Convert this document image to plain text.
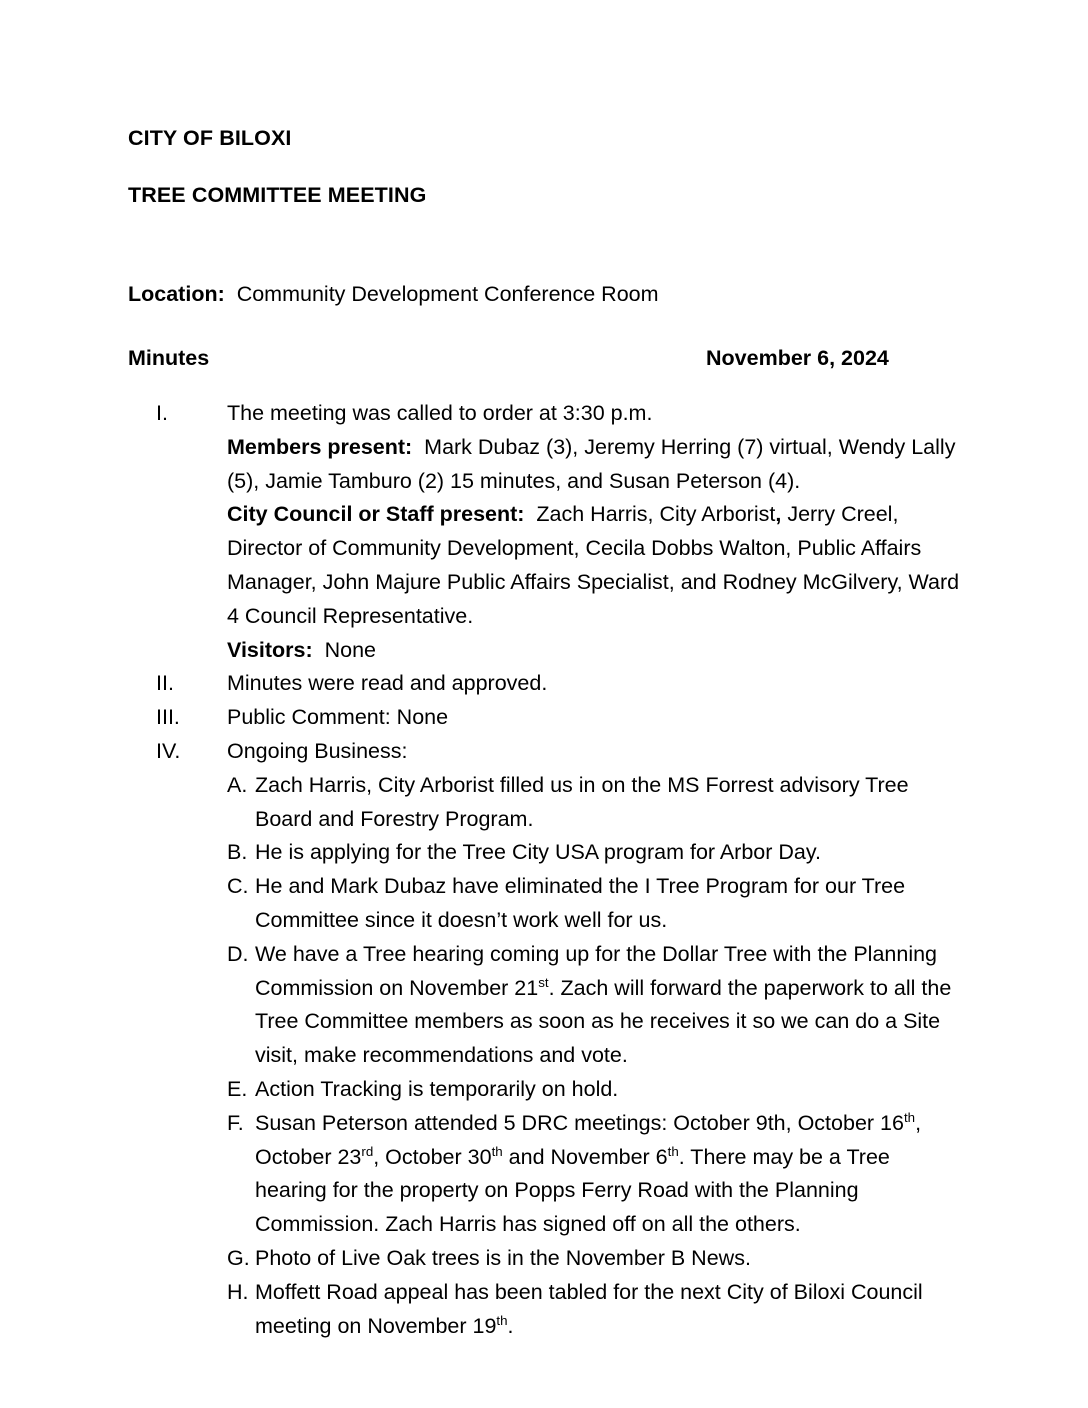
CITY OF BILOXI
TREE COMMITTEE MEETING
Location: Community Development Conference Room
Minutes	November 6, 2024
I.	The meeting was called to order at 3:30 p.m.

Members present: Mark Dubaz (3), Jeremy Herring (7) virtual, Wendy Lally (5), Jamie Tamburo (2) 15 minutes, and Susan Peterson (4).

City Council or Staff present: Zach Harris, City Arborist, Jerry Creel, Director of Community Development, Cecila Dobbs Walton, Public Affairs Manager, John Majure Public Affairs Specialist, and Rodney McGilvery, Ward 4 Council Representative.

Visitors: None

II.	Minutes were read and approved.
III.	Public Comment: None
IV.	Ongoing Business:

A. Zach Harris, City Arborist filled us in on the MS Forrest advisory Tree Board and Forestry Program.
B. He is applying for the Tree City USA program for Arbor Day.
C. He and Mark Dubaz have eliminated the I Tree Program for our Tree Committee since it doesn’t work well for us.
D. We have a Tree hearing coming up for the Dollar Tree with the Planning Commission on November 21st. Zach will forward the paperwork to all the Tree Committee members as soon as he receives it so we can do a Site visit, make recommendations and vote.
E. Action Tracking is temporarily on hold.
F. Susan Peterson attended 5 DRC meetings: October 9th, October 16th, October 23rd, October 30th and November 6th. There may be a Tree hearing for the property on Popps Ferry Road with the Planning Commission. Zach Harris has signed off on all the others.
G. Photo of Live Oak trees is in the November B News.
H. Moffett Road appeal has been tabled for the next City of Biloxi Council meeting on November 19th.
